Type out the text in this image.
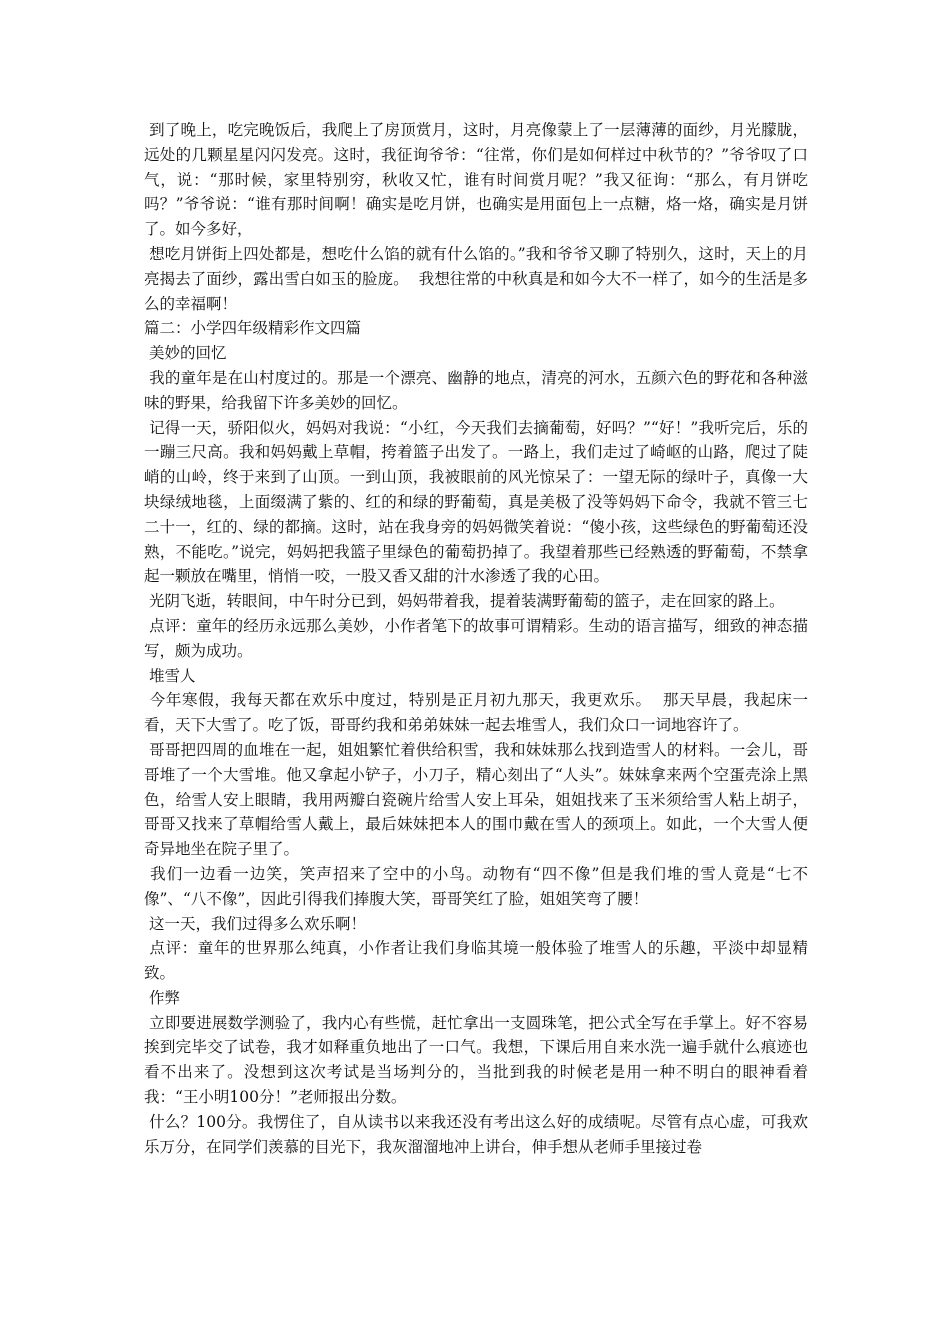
到了晚上，吃完晚饭后，我爬上了房顶赏月，这时，月亮像蒙上了一层薄薄的面纱，月光朦胧，远处的几颗星星闪闪发亮。这时，我征询爷爷：“往常，你们是如何样过中秋节的？”爷爷叹了口气，说：“那时候，家里特别穷，秋收又忙，谁有时间赏月呢？”我又征询：“那么，有月饼吃吗？”爷爷说：“谁有那时间啊！确实是吃月饼，也确实是用面包上一点糖，烙一烙，确实是月饼了。如今多好，

想吃月饼街上四处都是，想吃什么馅的就有什么馅的。”我和爷爷又聊了特别久，这时，天上的月亮揭去了面纱，露出雪白如玉的脸庞。  我想往常的中秋真是和如今大不一样了，如今的生活是多么的幸福啊！

篇二：小学四年级精彩作文四篇

美妙的回忆

我的童年是在山村度过的。那是一个漂亮、幽静的地点，清亮的河水，五颜六色的野花和各种滋味的野果，给我留下许多美妙的回忆。

记得一天，骄阳似火，妈妈对我说：“小红，今天我们去摘葡萄，好吗？”“好！”我听完后，乐的一蹦三尺高。我和妈妈戴上草帽，挎着篮子出发了。一路上，我们走过了崎岖的山路，爬过了陡峭的山岭，终于来到了山顶。一到山顶，我被眼前的风光惊呆了：一望无际的绿叶子，真像一大块绿绒地毯，上面缀满了紫的、红的和绿的野葡萄，真是美极了没等妈妈下命令，我就不管三七二十一，红的、绿的都摘。这时，站在我身旁的妈妈微笑着说：“傻小孩，这些绿色的野葡萄还没熟，不能吃。”说完，妈妈把我篮子里绿色的葡萄扔掉了。我望着那些已经熟透的野葡萄，不禁拿起一颗放在嘴里，悄悄一咬，一股又香又甜的汁水渗透了我的心田。

光阴飞逝，转眼间，中午时分已到，妈妈带着我，提着装满野葡萄的篮子，走在回家的路上。

点评：童年的经历永远那么美妙，小作者笔下的故事可谓精彩。生动的语言描写，细致的神态描写，颇为成功。

堆雪人

今年寒假，我每天都在欢乐中度过，特别是正月初九那天，我更欢乐。  那天早晨，我起床一看，天下大雪了。吃了饭，哥哥约我和弟弟妹妹一起去堆雪人，我们众口一词地容许了。

哥哥把四周的血堆在一起，姐姐繁忙着供给积雪，我和妹妹那么找到造雪人的材料。一会儿，哥哥堆了一个大雪堆。他又拿起小铲子，小刀子，精心刻出了“人头”。妹妹拿来两个空蛋壳涂上黑色，给雪人安上眼睛，我用两瓣白瓷碗片给雪人安上耳朵，姐姐找来了玉米须给雪人粘上胡子，哥哥又找来了草帽给雪人戴上，最后妹妹把本人的围巾戴在雪人的颈项上。如此，一个大雪人便奇异地坐在院子里了。

我们一边看一边笑，笑声招来了空中的小鸟。动物有“四不像”但是我们堆的雪人竟是“七不像”、“八不像”，因此引得我们捧腹大笑，哥哥笑红了脸，姐姐笑弯了腰！

这一天，我们过得多么欢乐啊！

点评：童年的世界那么纯真，小作者让我们身临其境一般体验了堆雪人的乐趣，平淡中却显精致。

作弊

立即要进展数学测验了，我内心有些慌，赶忙拿出一支圆珠笔，把公式全写在手掌上。好不容易挨到完毕交了试卷，我才如释重负地出了一口气。我想，下课后用自来水洗一遍手就什么痕迹也看不出来了。没想到这次考试是当场判分的，当批到我的时候老是用一种不明白的眼神看着我：“王小明100分！”老师报出分数。

什么？100分。我愣住了，自从读书以来我还没有考出这么好的成绩呢。尽管有点心虚，可我欢乐万分，在同学们羡慕的目光下，我灰溜溜地冲上讲台，伸手想从老师手里接过卷
